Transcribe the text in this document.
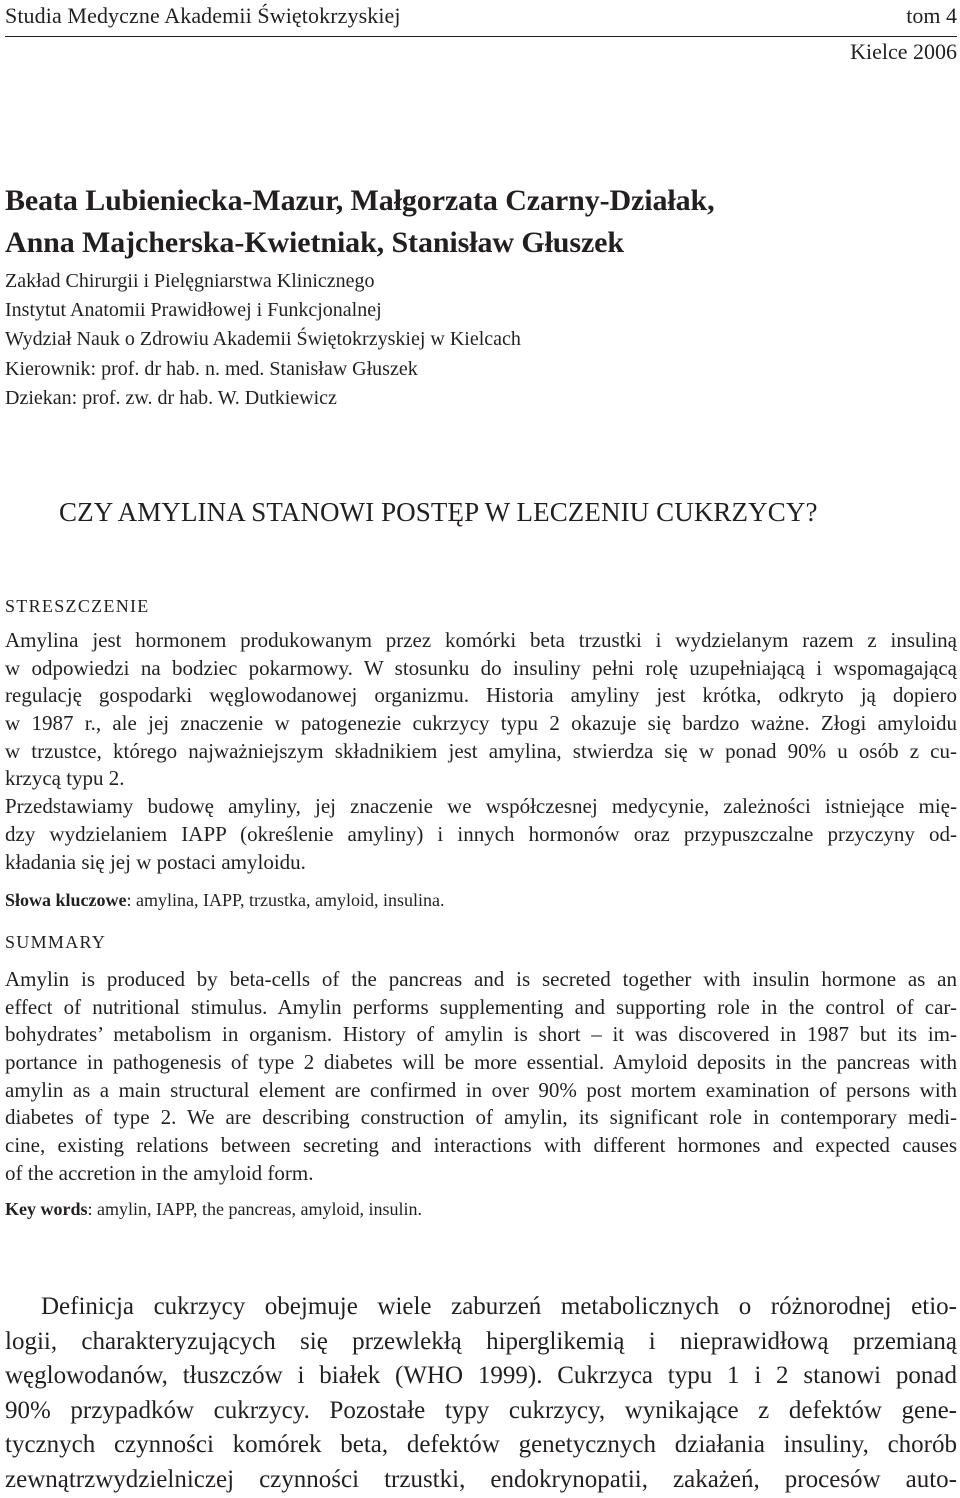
Studia Medyczne Akademii Świętokrzyskiej	tom 4
Kielce 2006
Beata Lubieniecka-Mazur, Małgorzata Czarny-Działak,
Anna Majcherska-Kwietniak, Stanisław Głuszek
Zakład Chirurgii i Pielęgniarstwa Klinicznego
Instytut Anatomii Prawidłowej i Funkcjonalnej
Wydział Nauk o Zdrowiu Akademii Świętokrzyskiej w Kielcach
Kierownik: prof. dr hab. n. med. Stanisław Głuszek
Dziekan: prof. zw. dr hab. W. Dutkiewicz
CZY AMYLINA STANOWI POSTĘP W LECZENIU CUKRZYCY?
STRESZCZENIE
Amylina jest hormonem produkowanym przez komórki beta trzustki i wydzielanym razem z insuliną
w odpowiedzi na bodziec pokarmowy. W stosunku do insuliny pełni rolę uzupełniającą i wspomagającą
regulację gospodarki węglowodanowej organizmu. Historia amyliny jest krótka, odkryto ją dopiero
w 1987 r., ale jej znaczenie w patogenezie cukrzycy typu 2 okazuje się bardzo ważne. Złogi amyloidu
w trzustce, którego najważniejszym składnikiem jest amylina, stwierdza się w ponad 90% u osób z cu-
krzycą typu 2.
Przedstawiamy budowę amyliny, jej znaczenie we współczesnej medycynie, zależności istniejące mię-
dzy wydzielaniem IAPP (określenie amyliny) i innych hormonów oraz przypuszczalne przyczyny od-
kładania się jej w postaci amyloidu.
Słowa kluczowe: amylina, IAPP, trzustka, amyloid, insulina.
SUMMARY
Amylin is produced by beta-cells of the pancreas and is secreted together with insulin hormone as an
effect of nutritional stimulus. Amylin performs supplementing and supporting role in the control of car-
bohydrates’ metabolism in organism. History of amylin is short – it was discovered in 1987 but its im-
portance in pathogenesis of type 2 diabetes will be more essential. Amyloid deposits in the pancreas with
amylin as a main structural element are confirmed in over 90% post mortem examination of persons with
diabetes of type 2. We are describing construction of amylin, its significant role in contemporary medi-
cine, existing relations between secreting and interactions with different hormones and expected causes
of the accretion in the amyloid form.
Key words: amylin, IAPP, the pancreas, amyloid, insulin.
Definicja cukrzycy obejmuje wiele zaburzeń metabolicznych o różnorodnej etio-
logii, charakteryzujących się przewlekłą hiperglikemią i nieprawidłową przemianą
węglowodanów, tłuszczów i białek (WHO 1999). Cukrzyca typu 1 i 2 stanowi ponad
90% przypadków cukrzycy. Pozostałe typy cukrzycy, wynikające z defektów gene-
tycznych czynności komórek beta, defektów genetycznych działania insuliny, chorób
zewnątrzwydzielniczej czynności trzustki, endokrynopatii, zakażeń, procesów auto-
